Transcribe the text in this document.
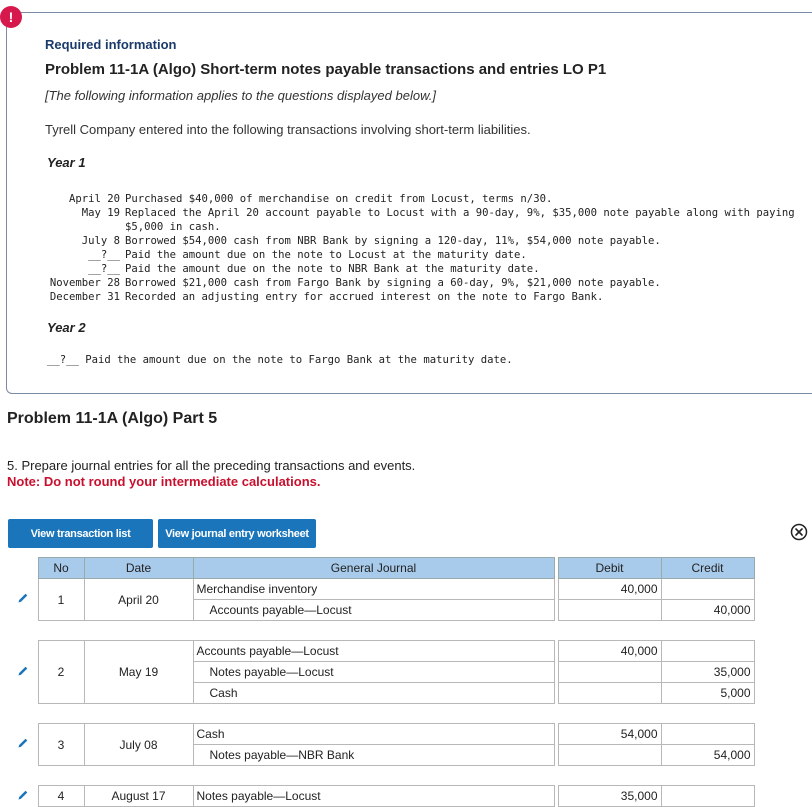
!
Required information
Problem 11-1A (Algo) Short-term notes payable transactions and entries LO P1
[The following information applies to the questions displayed below.]
Tyrell Company entered into the following transactions involving short-term liabilities.
Year 1
April 20 Purchased $40,000 of merchandise on credit from Locust, terms n/30.
May 19 Replaced the April 20 account payable to Locust with a 90-day, 9%, $35,000 note payable along with paying
$5,000 in cash.
July 8 Borrowed $54,000 cash from NBR Bank by signing a 120-day, 11%, $54,000 note payable.
__?__ Paid the amount due on the note to Locust at the maturity date.
__?__ Paid the amount due on the note to NBR Bank at the maturity date.
November 28 Borrowed $21,000 cash from Fargo Bank by signing a 60-day, 9%, $21,000 note payable.
December 31 Recorded an adjusting entry for accrued interest on the note to Fargo Bank.
Year 2
__?__ Paid the amount due on the note to Fargo Bank at the maturity date.
Problem 11-1A (Algo) Part 5
5. Prepare journal entries for all the preceding transactions and events.
Note: Do not round your intermediate calculations.
View transaction list	View journal entry worksheet
	No	Date	General Journal		Debit	Credit
	1	April 20	Merchandise inventory		40,000	
			Accounts payable—Locust			40,000

	2	May 19	Accounts payable—Locust		40,000	
			Notes payable—Locust			35,000
			Cash			5,000

	3	July 08	Cash		54,000	
			Notes payable—NBR Bank			54,000

	4	August 17	Notes payable—Locust		35,000	
